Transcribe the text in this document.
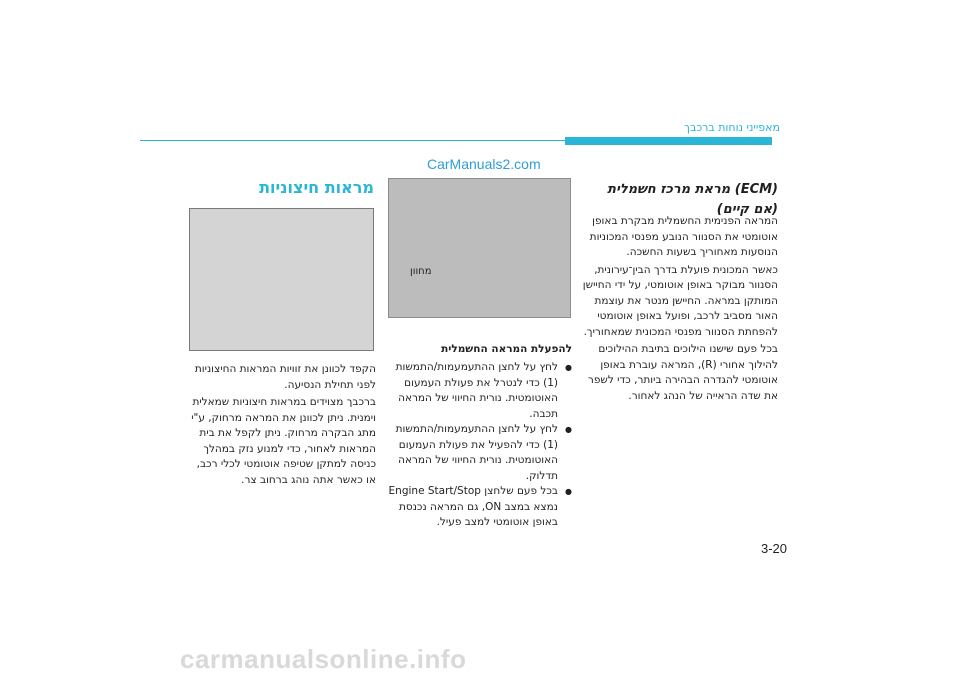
מאפייני נוחות ברכבך
CarManuals2.com
(ECM) מראת מרכז חשמלית
(אם קיים)

המראה הפנימית החשמלית מבקרת באופן אוטומטי את הסנוור הנובע מפנסי המכוניות הנוסעות מאחוריך בשעות החשכה.

כאשר המכונית פועלת בדרך הבין־עירונית, הסנוור מבוקר באופן אוטומטי, על ידי החיישן המותקן במראה. החיישן מנטר את עוצמת האור מסביב לרכב, ופועל באופן אוטומטי להפחתת הסנוור מפנסי המכונית שמאחוריך.

בכל פעם שישנו הילוכים בתיבת ההילוכים להילוך אחורי (R), המראה עוברת באופן אוטומטי להגדרה הבהירה ביותר, כדי לשפר את שדה הראייה של הנהג לאחור.

מחוון
להפעלת המראה החשמלית
● לחץ על לחצן ההתעמעמות/התמשות (1) כדי לנטרל את פעולת העמעום האוטומטית. נורית החיווי של המראה תכבה.
● לחץ על לחצן ההתעמעמות/התמשות (1) כדי להפעיל את פעולת העמעום האוטומטית. נורית החיווי של המראה תדלוק.
● בכל פעם שלחצן Engine Start/Stop נמצא במצב ON, גם המראה נכנסת באופן אוטומטי למצב פעיל.
מראות חיצוניות

הקפד לכוונן את זוויות המראות החיצוניות לפני תחילת הנסיעה.

ברכבך מצוידים במראות חיצוניות שמאלית וימנית. ניתן לכוונן את המראה מרחוק, ע"י מתג הבקרה מרחוק. ניתן לקפל את בית המראות לאחור, כדי למנוע נזק במהלך כניסה למתקן שטיפה אוטומטי לכלי רכב, או כאשר אתה נוהג ברחוב צר.

3-20
carmanualsonline.info
